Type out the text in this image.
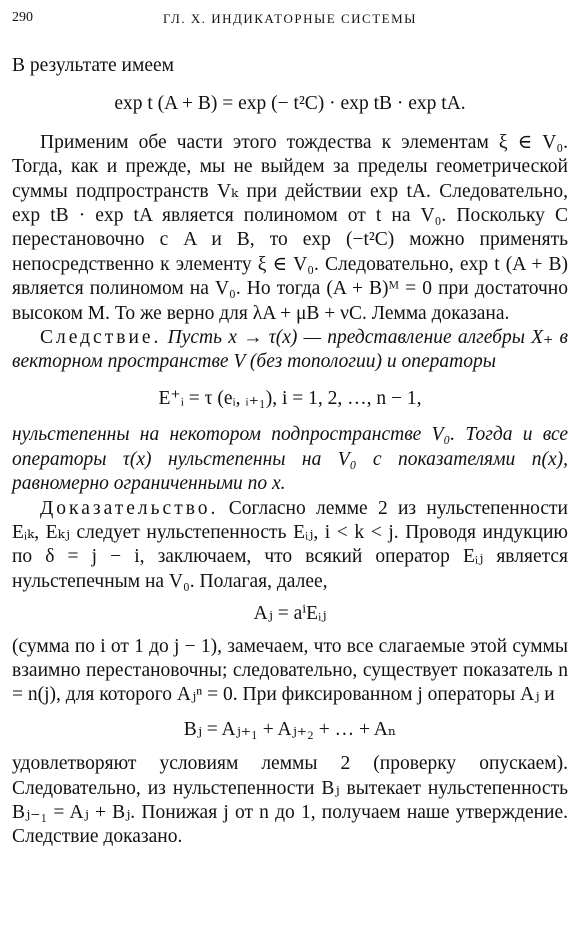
290	ГЛ. X. ИНДИКАТОРНЫЕ СИСТЕМЫ

В результате имеем

exp t (A + B) = exp (− t²C) · exp tB · exp tA.

Применим обе части этого тождества к элементам ξ ∈ V₀. Тогда, как и прежде, мы не выйдем за пределы геометрической суммы подпространств Vₖ при действии exp tA. Следовательно, exp tB · exp tA является полиномом от t на V₀. Поскольку C перестановочно с A и B, то exp (−t²C) можно применять непосредственно к элементу ξ ∈ V₀. Следовательно, exp t (A + B) является полиномом на V₀. Но тогда (A + B)ᴹ = 0 при достаточно высоком M. То же верно для λA + μB + νC. Лемма доказана.

Следствие. Пусть x → τ(x) — представление алгебры X₊ в векторном пространстве V (без топологии) и операторы

E⁺ᵢ = τ (eᵢ, ᵢ₊₁), i = 1, 2, …, n − 1,

нульстепенны на некотором подпространстве V₀. Тогда и все операторы τ(x) нульстепенны на V₀ с показателями n(x), равномерно ограниченными по x.

Доказательство. Согласно лемме 2 из нульстепенности Eᵢₖ, Eₖⱼ следует нульстепенность Eᵢⱼ, i < k < j. Проводя индукцию по δ = j − i, заключаем, что всякий оператор Eᵢⱼ является нульстепечным на V₀. Полагая, далее,

Aⱼ = aⁱEᵢⱼ

(сумма по i от 1 до j − 1), замечаем, что все слагаемые этой суммы взаимно перестановочны; следовательно, существует показатель n = n(j), для которого Aⱼⁿ = 0. При фиксированном j операторы Aⱼ и

Bⱼ = Aⱼ₊₁ + Aⱼ₊₂ + … + Aₙ

удовлетворяют условиям леммы 2 (проверку опускаем). Следовательно, из нульстепенности Bⱼ вытекает нульстепенность Bⱼ₋₁ = Aⱼ + Bⱼ. Понижая j от n до 1, получаем наше утверждение. Следствие доказано.
